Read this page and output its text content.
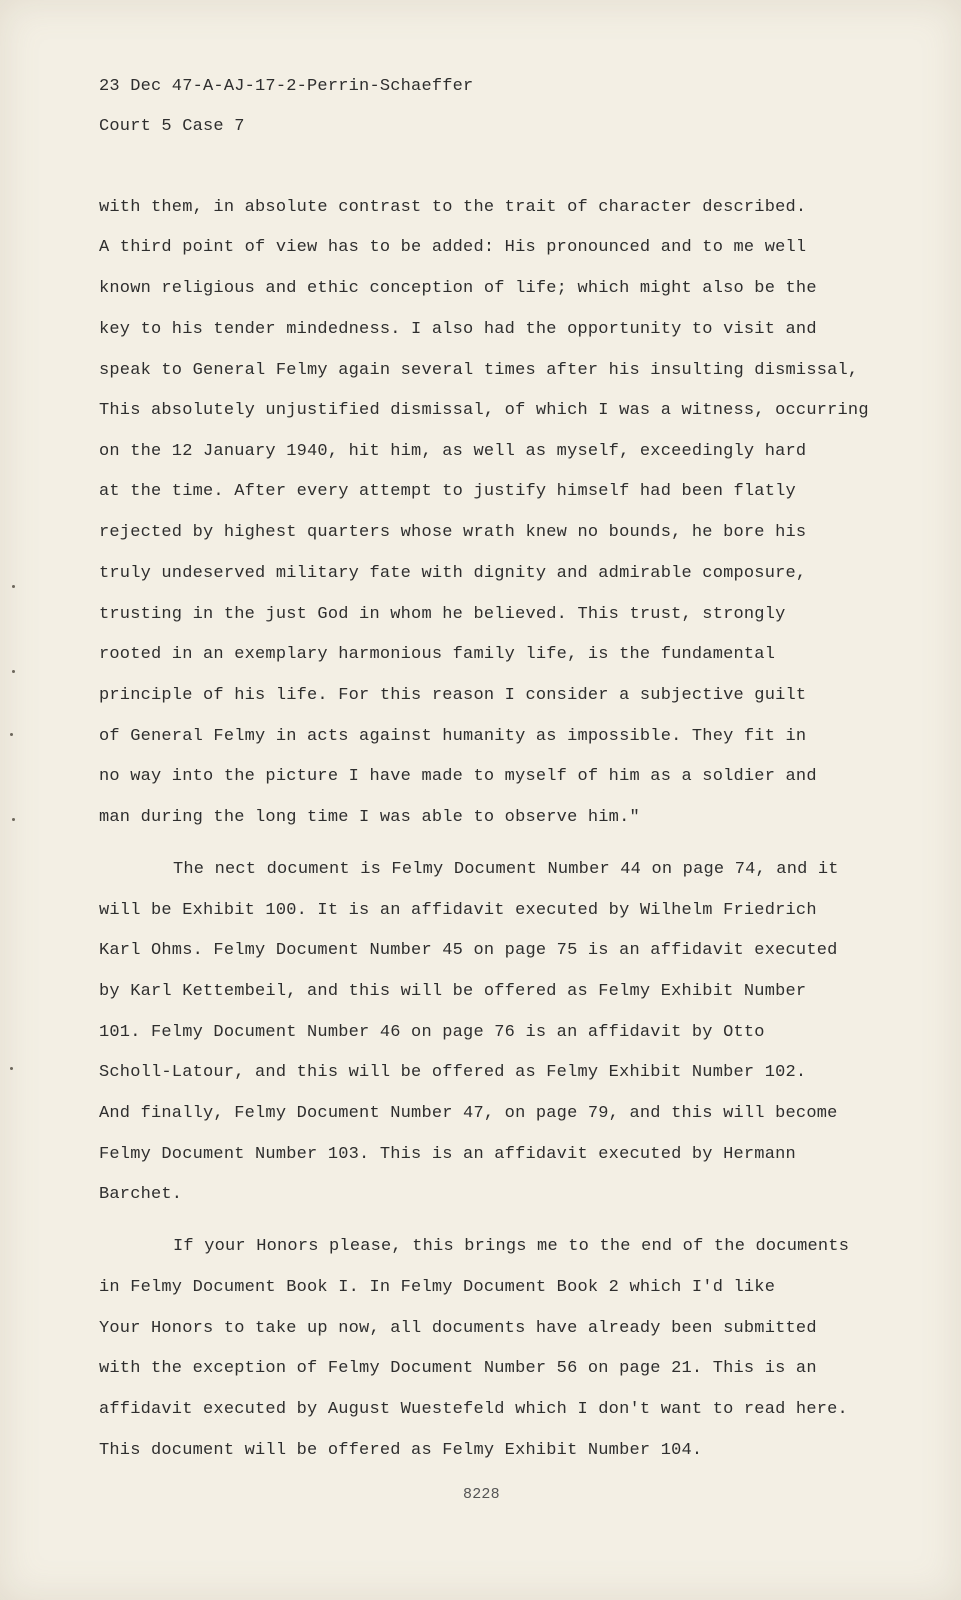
23 Dec 47-A-AJ-17-2-Perrin-Schaeffer

Court 5 Case 7

with them, in absolute contrast to the trait of character described.

A third point of view has to be added: His pronounced and to me well

known religious and ethic conception of life; which might also be the

key to his tender mindedness. I also had the opportunity to visit and

speak to General Felmy again several times after his insulting dismissal,

This absolutely unjustified dismissal, of which I was a witness, occurring

on the 12 January 1940, hit him, as well as myself, exceedingly hard

at the time. After every attempt to justify himself had been flatly

rejected by highest quarters whose wrath knew no bounds, he bore his

truly undeserved military fate with dignity and admirable composure,

trusting in the just God in whom he believed. This trust, strongly

rooted in an exemplary harmonious family life, is the fundamental

principle of his life. For this reason I consider a subjective guilt

of General Felmy in acts against humanity as impossible. They fit in

no way into the picture I have made to myself of him as a soldier and

man during the long time I was able to observe him."

The nect document is Felmy Document Number 44 on page 74, and it

will be Exhibit 100. It is an affidavit executed by Wilhelm Friedrich

Karl Ohms. Felmy Document Number 45 on page 75 is an affidavit executed

by Karl Kettembeil, and this will be offered as Felmy Exhibit Number

101. Felmy Document Number 46 on page 76 is an affidavit by Otto

Scholl-Latour, and this will be offered as Felmy Exhibit Number 102.

And finally, Felmy Document Number 47, on page 79, and this will become

Felmy Document Number 103. This is an affidavit executed by Hermann

Barchet.

If your Honors please, this brings me to the end of the documents

in Felmy Document Book I. In Felmy Document Book 2 which I'd like

Your Honors to take up now, all documents have already been submitted

with the exception of Felmy Document Number 56 on page 21. This is an

affidavit executed by August Wuestefeld which I don't want to read here.

This document will be offered as Felmy Exhibit Number 104.

8228
